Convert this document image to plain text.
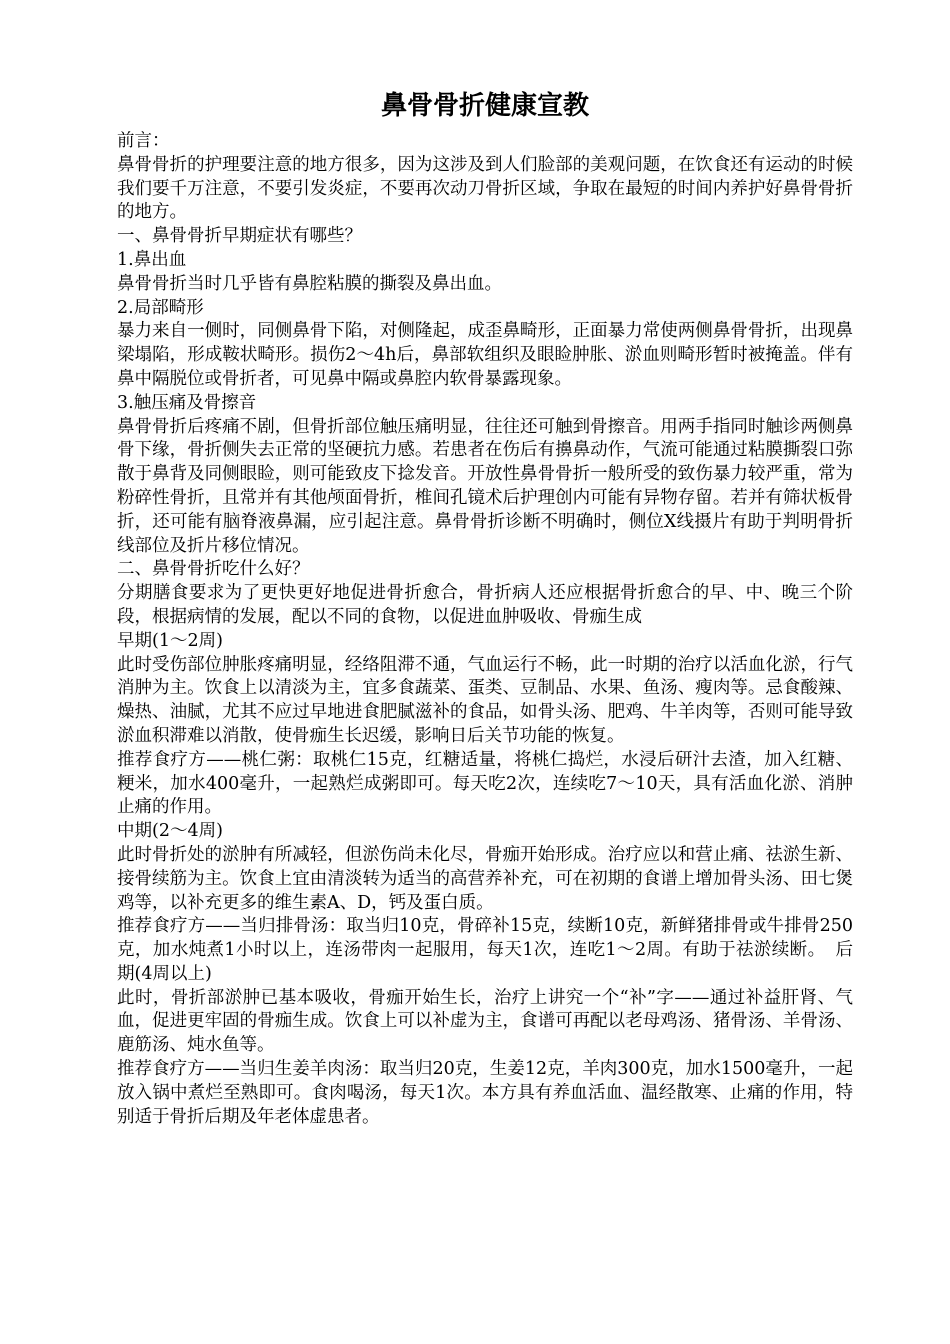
鼻骨骨折健康宣教

前言：

鼻骨骨折的护理要注意的地方很多，因为这涉及到人们脸部的美观问题，在饮食还有运动的时候我们要千万注意，不要引发炎症，不要再次动刀骨折区域，争取在最短的时间内养护好鼻骨骨折的地方。

一、鼻骨骨折早期症状有哪些？

1.鼻出血

鼻骨骨折当时几乎皆有鼻腔粘膜的撕裂及鼻出血。

2.局部畸形

暴力来自一侧时，同侧鼻骨下陷，对侧隆起，成歪鼻畸形，正面暴力常使两侧鼻骨骨折，出现鼻梁塌陷，形成鞍状畸形。损伤2～4h后，鼻部软组织及眼睑肿胀、淤血则畸形暂时被掩盖。伴有鼻中隔脱位或骨折者，可见鼻中隔或鼻腔内软骨暴露现象。

3.触压痛及骨擦音

鼻骨骨折后疼痛不剧，但骨折部位触压痛明显，往往还可触到骨擦音。用两手指同时触诊两侧鼻骨下缘，骨折侧失去正常的坚硬抗力感。若患者在伤后有擤鼻动作，气流可能通过粘膜撕裂口弥散于鼻背及同侧眼睑，则可能致皮下捻发音。开放性鼻骨骨折一般所受的致伤暴力较严重，常为粉碎性骨折，且常并有其他颅面骨折，椎间孔镜术后护理创内可能有异物存留。若并有筛状板骨折，还可能有脑脊液鼻漏，应引起注意。鼻骨骨折诊断不明确时，侧位X线摄片有助于判明骨折线部位及折片移位情况。

二、鼻骨骨折吃什么好？

分期膳食要求为了更快更好地促进骨折愈合，骨折病人还应根据骨折愈合的早、中、晚三个阶段，根据病情的发展，配以不同的食物，以促进血肿吸收、骨痂生成

早期(1～2周)

此时受伤部位肿胀疼痛明显，经络阻滞不通，气血运行不畅，此一时期的治疗以活血化淤，行气消肿为主。饮食上以清淡为主，宜多食蔬菜、蛋类、豆制品、水果、鱼汤、瘦肉等。忌食酸辣、燥热、油腻，尤其不应过早地进食肥腻滋补的食品，如骨头汤、肥鸡、牛羊肉等，否则可能导致淤血积滞难以消散，使骨痂生长迟缓，影响日后关节功能的恢复。

推荐食疗方——桃仁粥：取桃仁15克，红糖适量，将桃仁捣烂，水浸后研汁去渣，加入红糖、粳米，加水400毫升，一起熟烂成粥即可。每天吃2次，连续吃7～10天，具有活血化淤、消肿止痛的作用。

中期(2～4周)

此时骨折处的淤肿有所减轻，但淤伤尚未化尽，骨痂开始形成。治疗应以和营止痛、祛淤生新、接骨续筋为主。饮食上宜由清淡转为适当的高营养补充，可在初期的食谱上增加骨头汤、田七煲鸡等，以补充更多的维生素A、D，钙及蛋白质。

推荐食疗方——当归排骨汤：取当归10克，骨碎补15克，续断10克，新鲜猪排骨或牛排骨250克，加水炖煮1小时以上，连汤带肉一起服用，每天1次，连吃1～2周。有助于祛淤续断。 后期(4周以上)

此时，骨折部淤肿已基本吸收，骨痂开始生长，治疗上讲究一个“补”字——通过补益肝肾、气血，促进更牢固的骨痂生成。饮食上可以补虚为主，食谱可再配以老母鸡汤、猪骨汤、羊骨汤、鹿筋汤、炖水鱼等。

推荐食疗方——当归生姜羊肉汤：取当归20克，生姜12克，羊肉300克，加水1500毫升，一起放入锅中煮烂至熟即可。食肉喝汤，每天1次。本方具有养血活血、温经散寒、止痛的作用，特别适于骨折后期及年老体虚患者。
